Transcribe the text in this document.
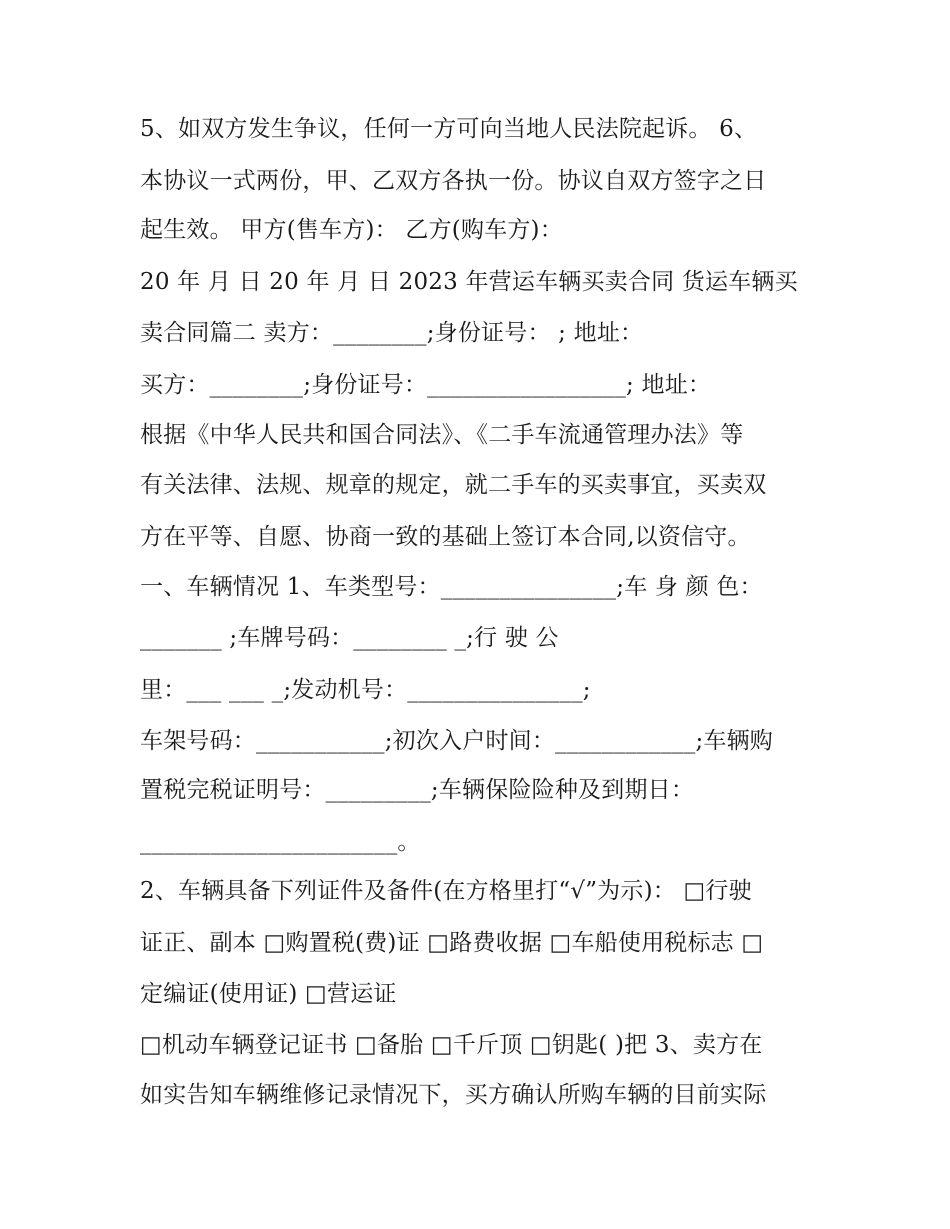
5、如双方发生争议，任何一方可向当地人民法院起诉。 6、
本协议一式两份，甲、乙双方各执一份。协议自双方签字之日
起生效。 甲方(售车方)： 乙方(购车方)：
20 年 月 日 20 年 月 日 2023 年营运车辆买卖合同 货运车辆买
卖合同篇二 卖方：________;身份证号： ; 地址：
买方：________;身份证号：_________________; 地址：
根据《中华人民共和国合同法》、《二手车流通管理办法》等
有关法律、法规、规章的规定，就二手车的买卖事宜，买卖双
方在平等、自愿、协商一致的基础上签订本合同,以资信守。
一、车辆情况 1、车类型号：_______________;车 身 颜 色：
_______ ;车牌号码：________ _;行 驶 公
里：___ ___ _;发动机号：_______________;
车架号码：___________;初次入户时间：____________;车辆购
置税完税证明号：_________;车辆保险险种及到期日：
______________________。
2、车辆具备下列证件及备件(在方格里打“√”为示)： □行驶
证正、副本 □购置税(费)证 □路费收据 □车船使用税标志 □
定编证(使用证) □营运证
□机动车辆登记证书 □备胎 □千斤顶 □钥匙( )把 3、卖方在
如实告知车辆维修记录情况下，买方确认所购车辆的目前实际
